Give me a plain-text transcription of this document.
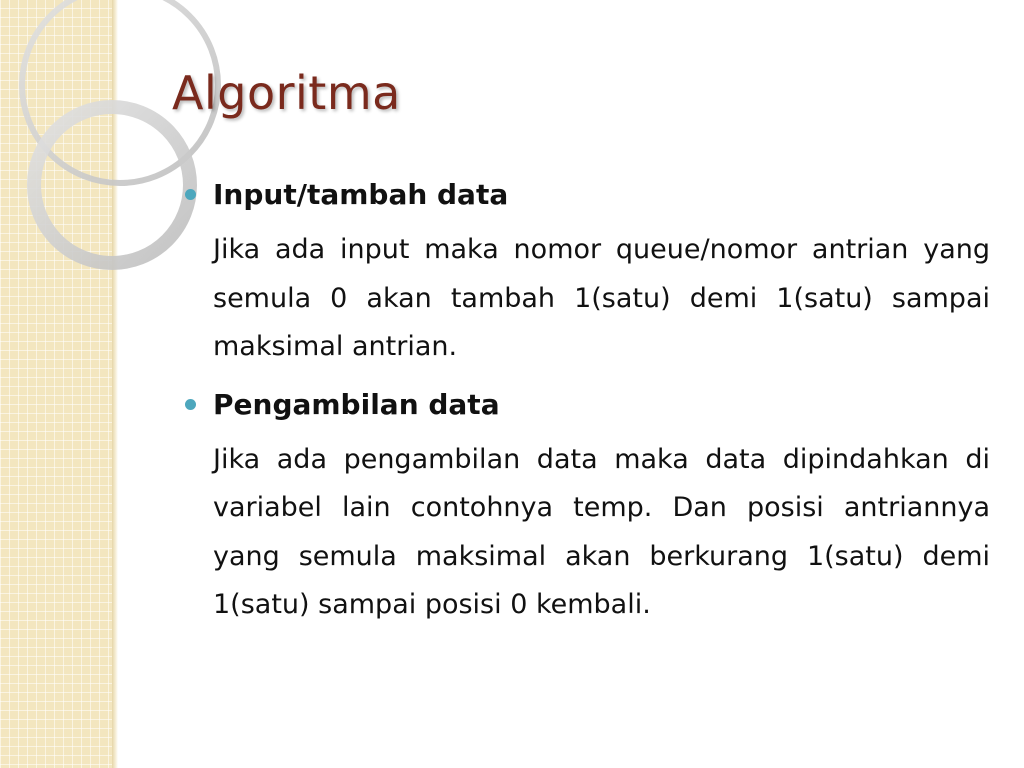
Algoritma
Input/tambah data

Jika ada input maka nomor queue/nomor antrian yang semula 0 akan tambah 1(satu) demi 1(satu) sampai maksimal antrian.

Pengambilan data

Jika ada pengambilan data maka data dipindahkan di variabel lain contohnya temp. Dan posisi antriannya yang semula maksimal akan berkurang 1(satu) demi 1(satu) sampai posisi 0 kembali.
